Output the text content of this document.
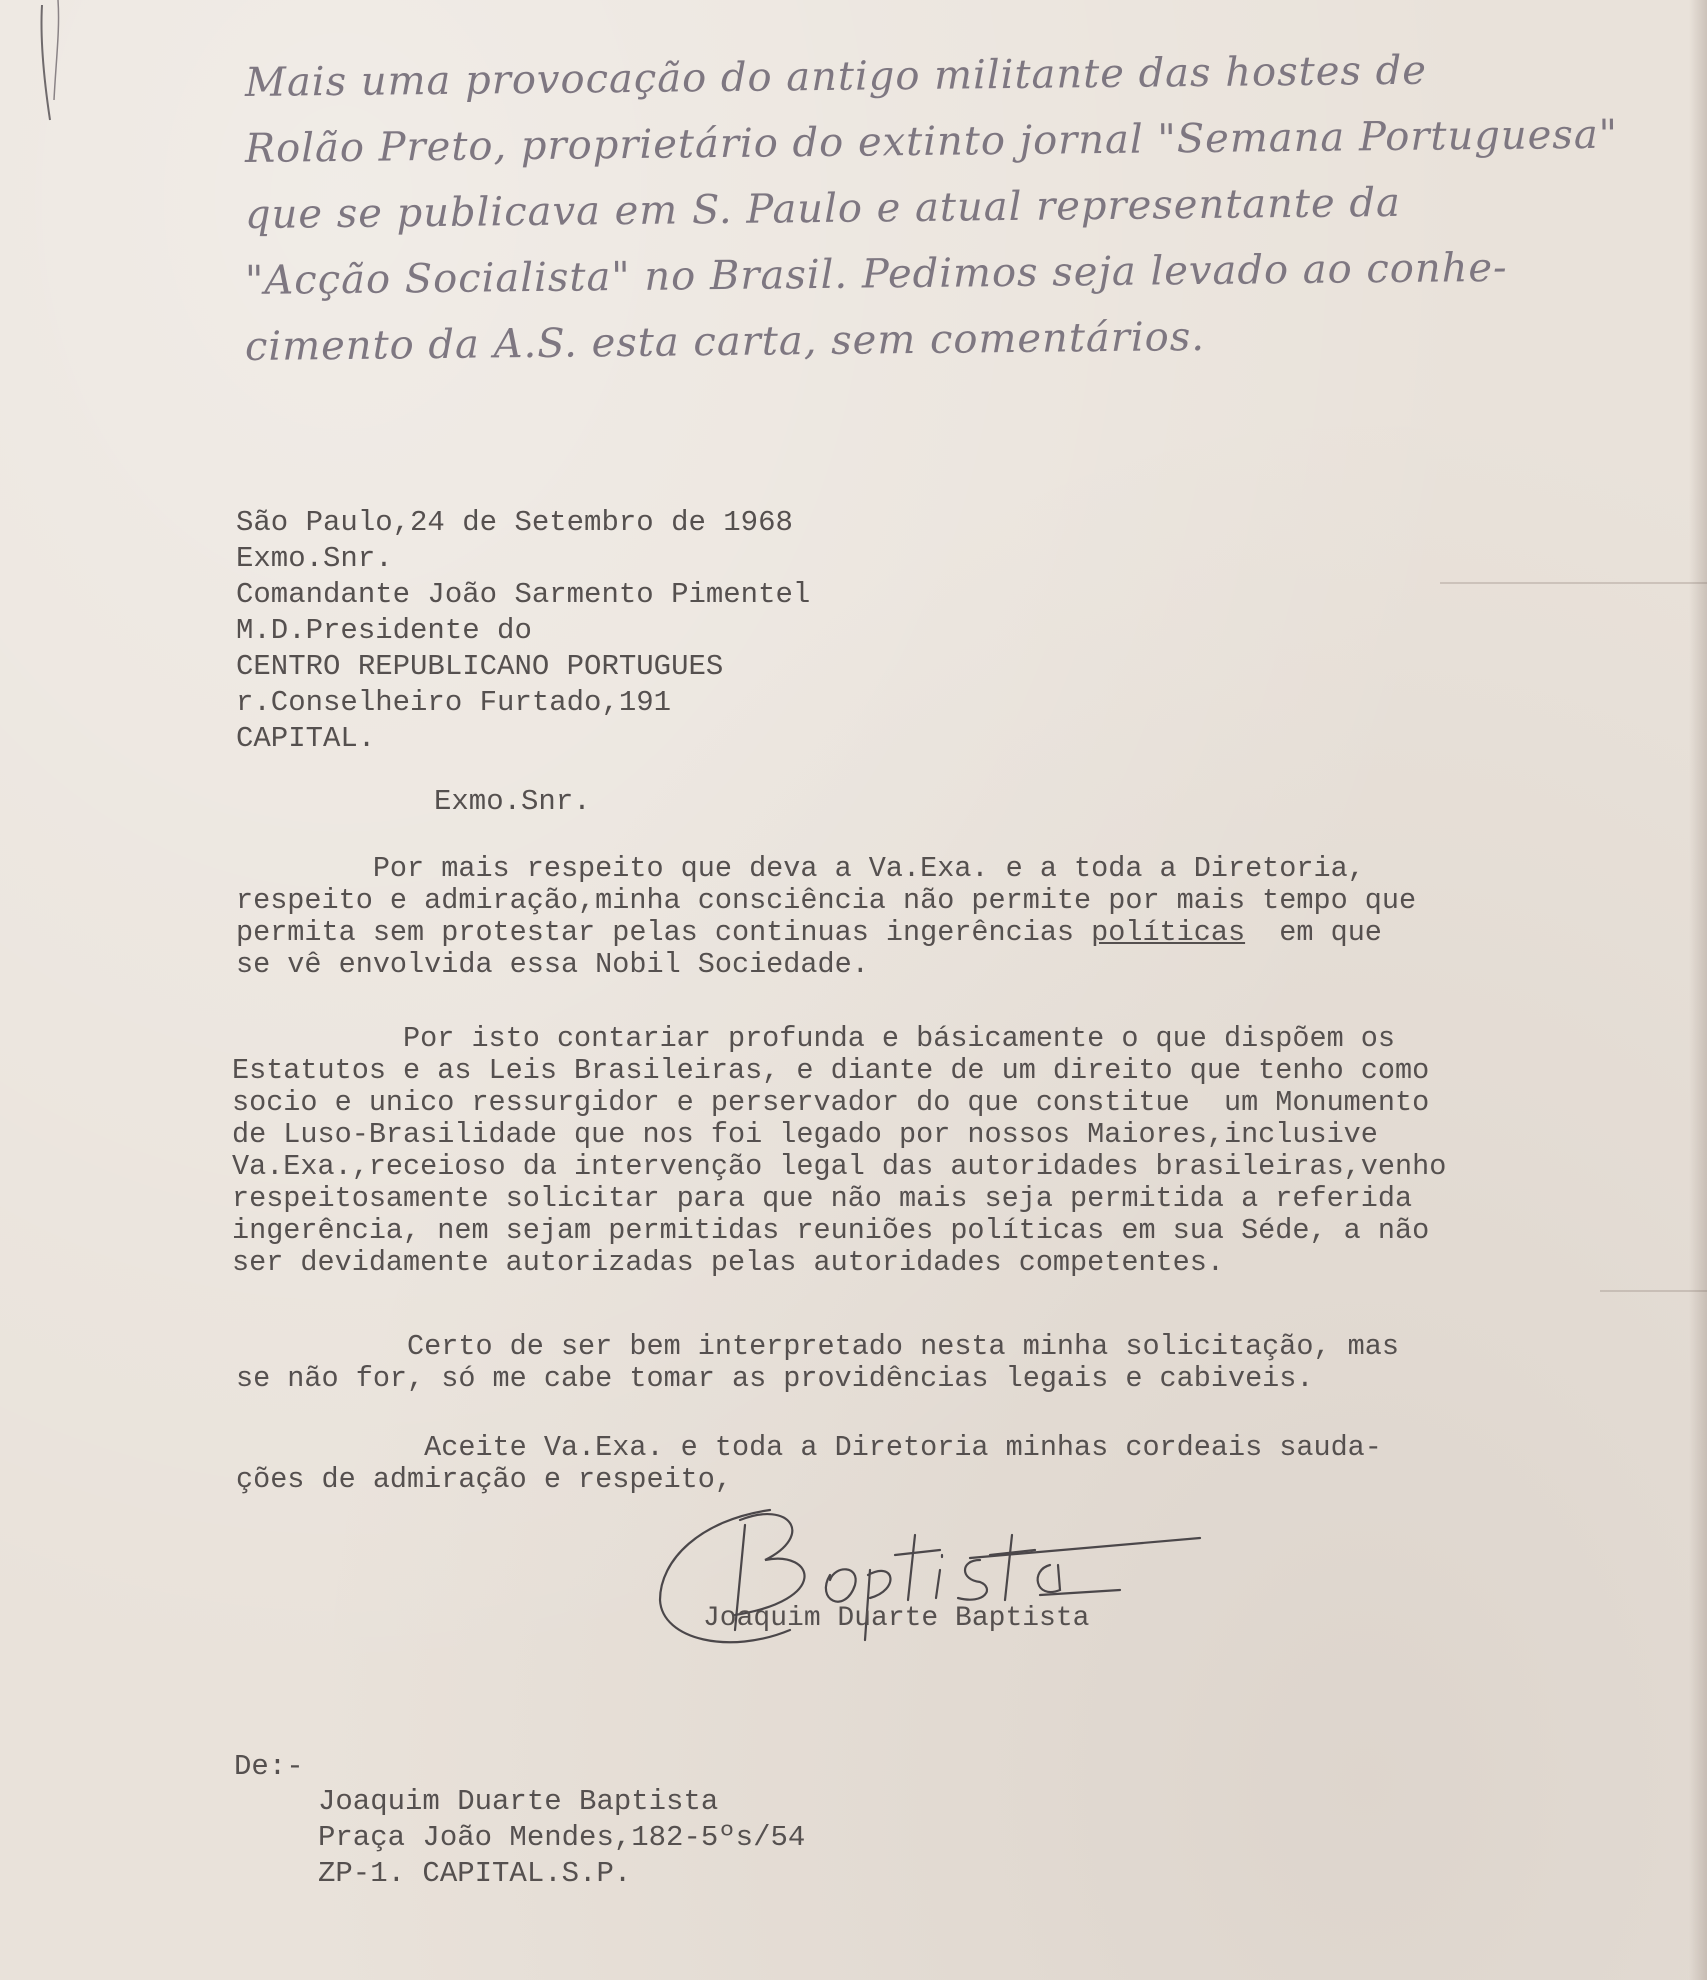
Mais uma provocação do antigo militante das hostes de
Rolão Preto, proprietário do extinto jornal "Semana Portuguesa"
que se publicava em S. Paulo e atual representante da
"Acção Socialista" no Brasil. Pedimos seja levado ao conhe-
cimento da A.S. esta carta, sem comentários.
São Paulo,24 de Setembro de 1968
Exmo.Snr.
Comandante João Sarmento Pimentel
M.D.Presidente do
CENTRO REPUBLICANO PORTUGUES
r.Conselheiro Furtado,191
CAPITAL.
Exmo.Snr.
Por mais respeito que deva a Va.Exa. e a toda a Diretoria,
respeito e admiração,minha consciência não permite por mais tempo que
permita sem protestar pelas continuas ingerências políticas  em que
se vê envolvida essa Nobil Sociedade.
Por isto contariar profunda e básicamente o que dispõem os
Estatutos e as Leis Brasileiras, e diante de um direito que tenho como
socio e unico ressurgidor e perservador do que constitue  um Monumento
de Luso-Brasilidade que nos foi legado por nossos Maiores,inclusive
Va.Exa.,receioso da intervenção legal das autoridades brasileiras,venho
respeitosamente solicitar para que não mais seja permitida a referida
ingerência, nem sejam permitidas reuniões políticas em sua Séde, a não
ser devidamente autorizadas pelas autoridades competentes.
Certo de ser bem interpretado nesta minha solicitação, mas
se não for, só me cabe tomar as providências legais e cabiveis.
Aceite Va.Exa. e toda a Diretoria minhas cordeais sauda-
ções de admiração e respeito,
Joaquim Duarte Baptista
De:-
Joaquim Duarte Baptista
Praça João Mendes,182-5ºs/54
ZP-1. CAPITAL.S.P.
